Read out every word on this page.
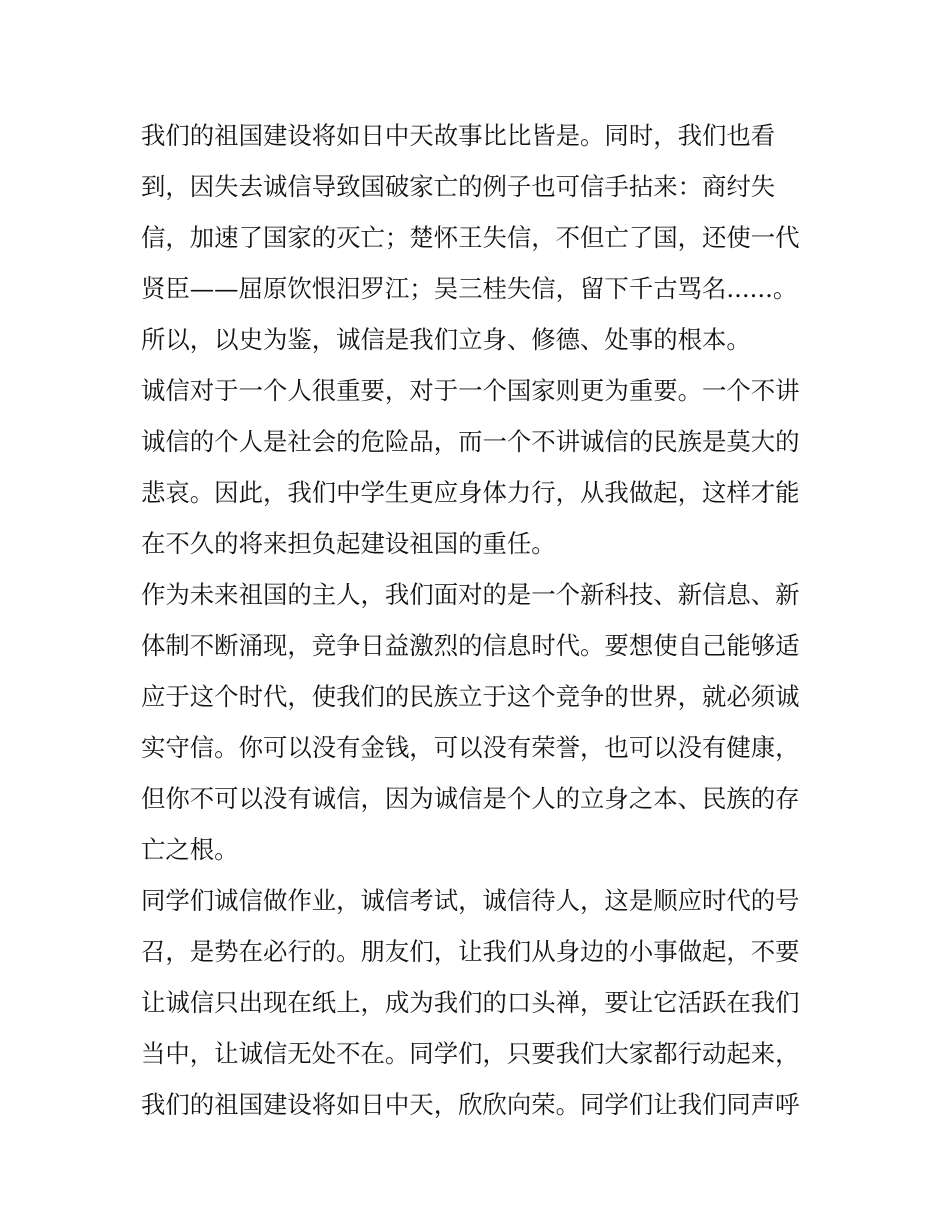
我们的祖国建设将如日中天故事比比皆是。同时，我们也看
到，因失去诚信导致国破家亡的例子也可信手拈来：商纣失
信，加速了国家的灭亡；楚怀王失信，不但亡了国，还使一代
贤臣——屈原饮恨汨罗江；吴三桂失信，留下千古骂名......。
所以，以史为鉴，诚信是我们立身、修德、处事的根本。
诚信对于一个人很重要，对于一个国家则更为重要。一个不讲
诚信的个人是社会的危险品，而一个不讲诚信的民族是莫大的
悲哀。因此，我们中学生更应身体力行，从我做起，这样才能
在不久的将来担负起建设祖国的重任。
作为未来祖国的主人，我们面对的是一个新科技、新信息、新
体制不断涌现，竞争日益激烈的信息时代。要想使自己能够适
应于这个时代，使我们的民族立于这个竞争的世界，就必须诚
实守信。你可以没有金钱，可以没有荣誉，也可以没有健康，
但你不可以没有诚信，因为诚信是个人的立身之本、民族的存
亡之根。
同学们诚信做作业，诚信考试，诚信待人，这是顺应时代的号
召，是势在必行的。朋友们，让我们从身边的小事做起，不要
让诚信只出现在纸上，成为我们的口头禅，要让它活跃在我们
当中，让诚信无处不在。同学们，只要我们大家都行动起来，
我们的祖国建设将如日中天，欣欣向荣。同学们让我们同声呼
